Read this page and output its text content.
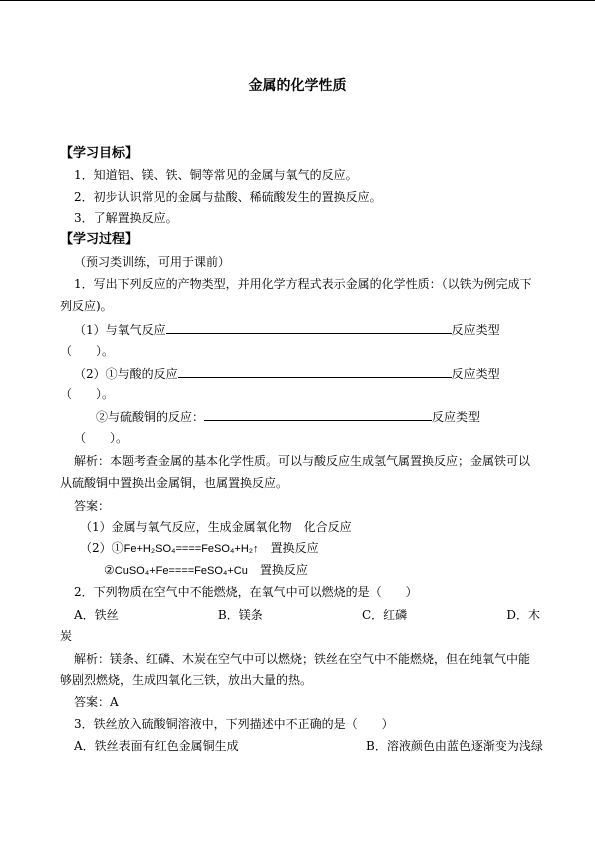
金属的化学性质
【学习目标】
1．知道铝、镁、铁、铜等常见的金属与氧气的反应。
2．初步认识常见的金属与盐酸、稀硫酸发生的置换反应。
3．了解置换反应。
【学习过程】
（预习类训练，可用于课前）
1．写出下列反应的产物类型，并用化学方程式表示金属的化学性质：（以铁为例完成下
列反应)。
（1）与氧气反应	反应类型
（　　）。
（2）①与酸的反应	反应类型
（　　）。
②与硫酸铜的反应：	反应类型
（　　）。
解析：本题考查金属的基本化学性质。可以与酸反应生成氢气属置换反应；金属铁可以
从硫酸铜中置换出金属铜，也属置换反应。
答案：
（1）金属与氧气反应，生成金属氧化物　化合反应
（2）①Fe+H₂SO₄====FeSO₄+H₂↑　 置换反应
②CuSO₄+Fe====FeSO₄+Cu　 置换反应
2．下列物质在空气中不能燃烧，在氧气中可以燃烧的是（　　）
A．铁丝	B．镁条	C．红磷	D．木
炭
解析：镁条、红磷、木炭在空气中可以燃烧；铁丝在空气中不能燃烧，但在纯氧气中能
够剧烈燃烧，生成四氧化三铁，放出大量的热。
答案：A
3．铁丝放入硫酸铜溶液中，下列描述中不正确的是（　　）
A．铁丝表面有红色金属铜生成	B．溶液颜色由蓝色逐渐变为浅绿
